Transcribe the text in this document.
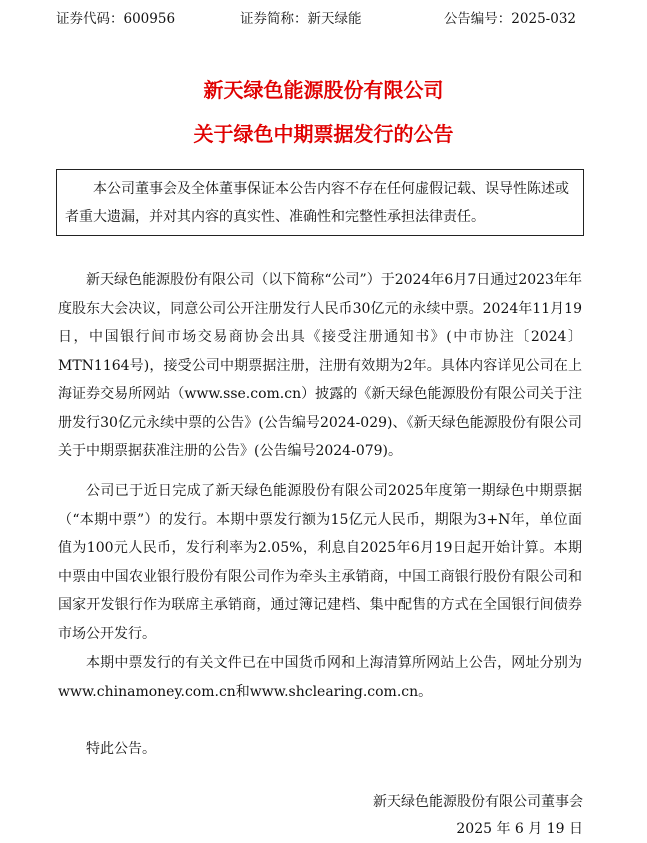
证券代码：600956	证券简称：新天绿能	公告编号：2025-032
新天绿色能源股份有限公司
关于绿色中期票据发行的公告

本公司董事会及全体董事保证本公告内容不存在任何虚假记载、误导性陈述或者重大遗漏，并对其内容的真实性、准确性和完整性承担法律责任。

新天绿色能源股份有限公司（以下简称“公司”）于2024年6月7日通过2023年年度股东大会决议，同意公司公开注册发行人民币30亿元的永续中票。2024年11月19日，中国银行间市场交易商协会出具《接受注册通知书》(中市协注〔2024〕MTN1164号)，接受公司中期票据注册，注册有效期为2年。具体内容详见公司在上海证券交易所网站（www.sse.com.cn）披露的《新天绿色能源股份有限公司关于注册发行30亿元永续中票的公告》(公告编号2024-029)、《新天绿色能源股份有限公司关于中期票据获准注册的公告》(公告编号2024-079)。

公司已于近日完成了新天绿色能源股份有限公司2025年度第一期绿色中期票据（“本期中票”）的发行。本期中票发行额为15亿元人民币，期限为3+N年，单位面值为100元人民币，发行利率为2.05%，利息自2025年6月19日起开始计算。本期中票由中国农业银行股份有限公司作为牵头主承销商，中国工商银行股份有限公司和国家开发银行作为联席主承销商，通过簿记建档、集中配售的方式在全国银行间债券市场公开发行。

本期中票发行的有关文件已在中国货币网和上海清算所网站上公告，网址分别为www.chinamoney.com.cn和www.shclearing.com.cn。

特此公告。

新天绿色能源股份有限公司董事会
2025 年 6 月 19 日
